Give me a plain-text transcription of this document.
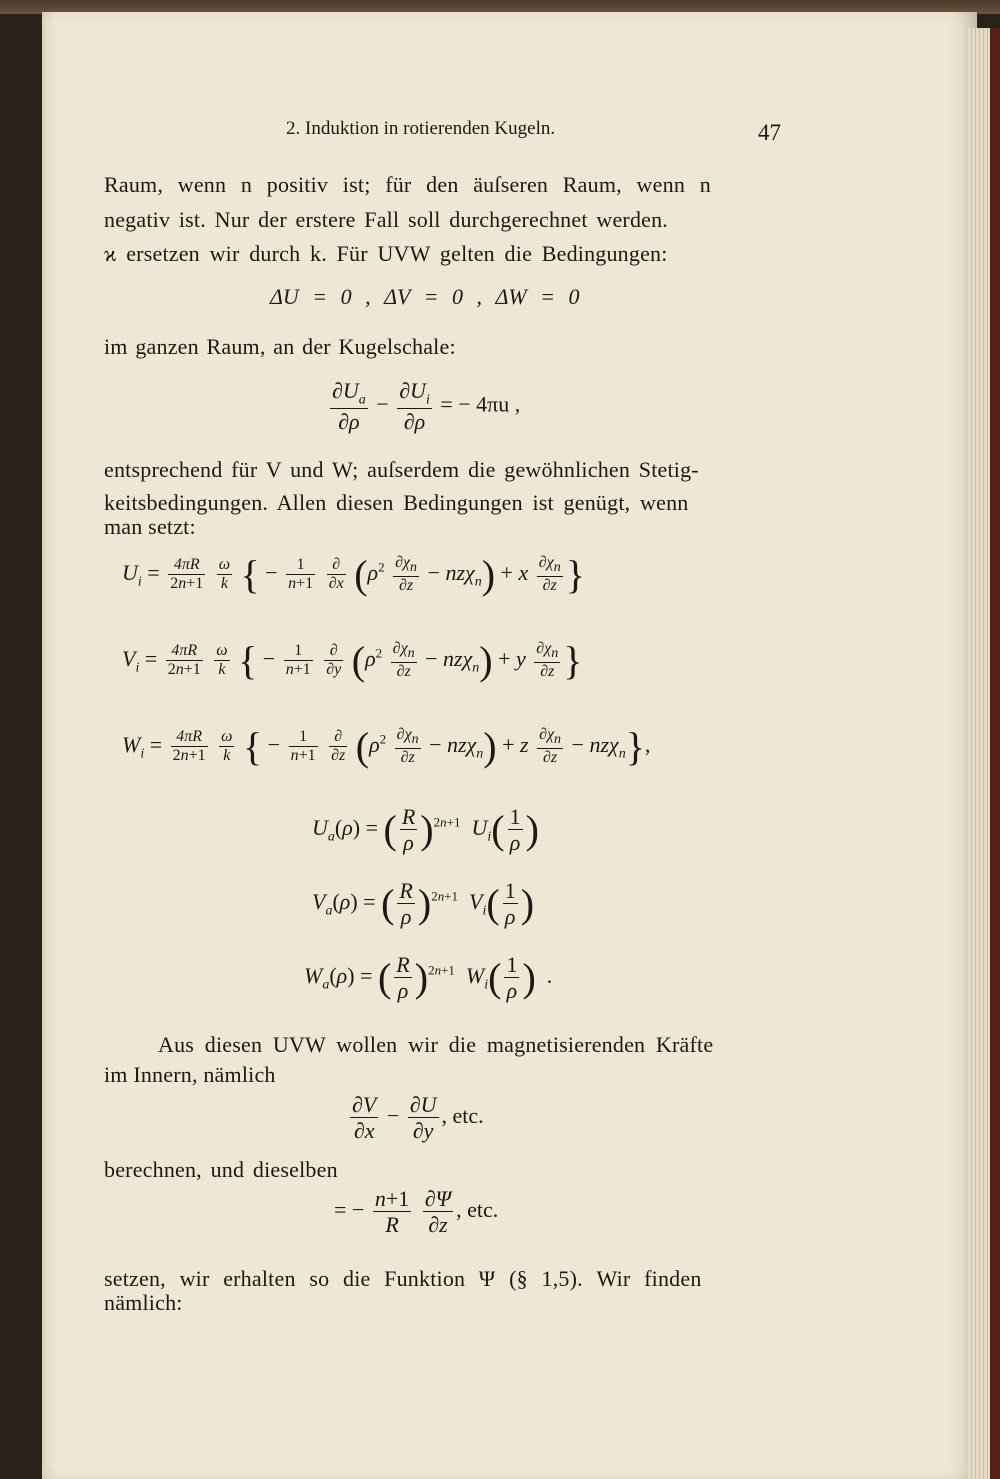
2. Induktion in rotierenden Kugeln.	47
Raum, wenn n positiv ist; für den äuſseren Raum, wenn n
negativ ist. Nur der erstere Fall soll durchgerechnet werden.
ϰ ersetzen wir durch k. Für UVW gelten die Bedingungen:
ΔU = 0 , ΔV = 0 , ΔW = 0
im ganzen Raum, an der Kugelschale:
$\frac{\partial U_a}{\partial\rho} - \frac{\partial U_i}{\partial\rho}$ = − 4πu ,
entsprechend für V und W; auſserdem die gewöhnlichen Stetig-
keitsbedingungen. Allen diesen Bedingungen ist genügt, wenn
man setzt:
$U_i = \frac{4\pi R}{2n+1}$
$\frac{\omega}{k}$ { − $\frac{1}{n+1}$
$\frac{\partial}{\partial x} (\rho^2 \frac{\partial\chi_n}{\partial z} - nz\chi_n) + x \frac{\partial\chi_n}{\partial z}$ }
$V_i = \frac{4\pi R}{2n+1}$
$\frac{\omega}{k}$ { − $\frac{1}{n+1}$
$\frac{\partial}{\partial y} (\rho^2 \frac{\partial\chi_n}{\partial z} - nz\chi_n) + y \frac{\partial\chi_n}{\partial z}$ }
$W_i = \frac{4\pi R}{2n+1}$
$\frac{\omega}{k}$ { − $\frac{1}{n+1}$
$\frac{\partial}{\partial z} (\rho^2 \frac{\partial\chi_n}{\partial z} - nz\chi_n) + z \frac{\partial\chi_n}{\partial z} - nz\chi_n$},
$U_a(\rho)$ = ( $\frac{R}{\rho} )^{2n+1}$ $U_i( \frac{1}{\rho}$ )
$V_a(\rho)$ = ( $\frac{R}{\rho} )^{2n+1}$ $V_i( \frac{1}{\rho}$ )
$W_a(\rho)$ = ( $\frac{R}{\rho} )^{2n+1}$ $W_i( \frac{1}{\rho}$ )  .
Aus diesen UVW wollen wir die magnetisierenden Kräfte
im Innern, nämlich
$\frac{\partial V}{\partial x} - \frac{\partial U}{\partial y}$ , etc.
berechnen, und dieselben
= − $\frac{n+1}{R}$
$\frac{\partial\Psi}{\partial z}$ , etc.
setzen, wir erhalten so die Funktion Ψ (§ 1,5). Wir finden
nämlich:
